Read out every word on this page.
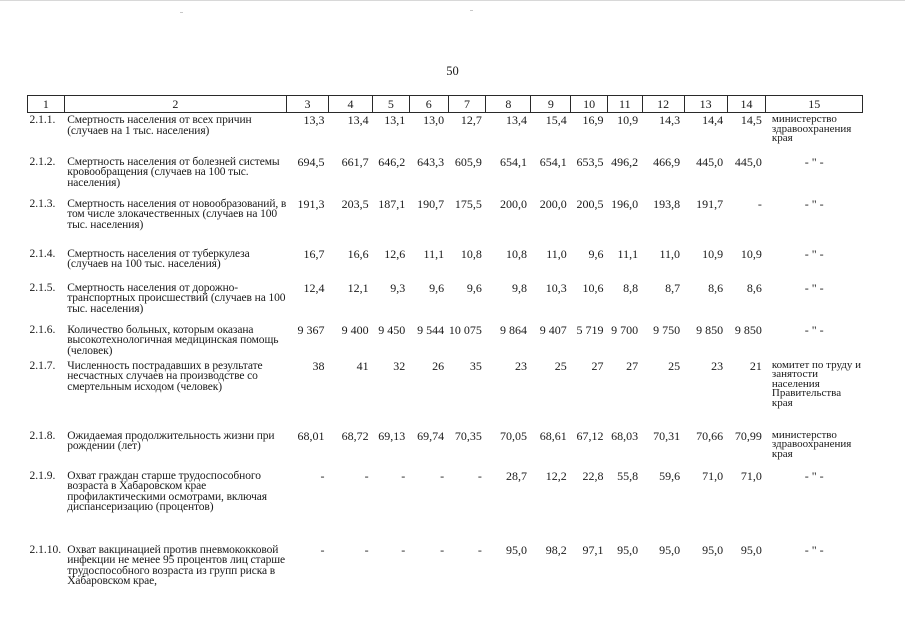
50
1	2	3	4	5	6	7	8	9	10	11	12	13	14	15
2.1.1.	Смертность населения от всех причин (случаев на 1 тыс. населения)	13,3	13,4	13,1	13,0	12,7	13,4	15,4	16,9	10,9	14,3	14,4	14,5	министерство здравоохранения края
2.1.2.	Смертность населения от болезней системы кровообращения (случаев на 100 тыс. населения)	694,5	661,7	646,2	643,3	605,9	654,1	654,1	653,5	496,2	466,9	445,0	445,0	- " -
2.1.3.	Смертность населения от новообразований, в том числе злокачественных (случаев на 100 тыс. населения)	191,3	203,5	187,1	190,7	175,5	200,0	200,0	200,5	196,0	193,8	191,7	-	- " -
2.1.4.	Смертность населения от туберкулеза (случаев на 100 тыс. населения)	16,7	16,6	12,6	11,1	10,8	10,8	11,0	9,6	11,1	11,0	10,9	10,9	- " -
2.1.5.	Смертность населения от дорожно-транспортных происшествий (случаев на 100 тыс. населения)	12,4	12,1	9,3	9,6	9,6	9,8	10,3	10,6	8,8	8,7	8,6	8,6	- " -
2.1.6.	Количество больных, которым оказана высокотехнологичная медицинская помощь (человек)	9 367	9 400	9 450	9 544	10 075	9 864	9 407	5 719	9 700	9 750	9 850	9 850	- " -
2.1.7.	Численность пострадавших в результате несчастных случаев на производстве со смертельным исходом (человек)	38	41	32	26	35	23	25	27	27	25	23	21	комитет по труду и занятости населения Правительства края
2.1.8.	Ожидаемая продолжительность жизни при рождении (лет)	68,01	68,72	69,13	69,74	70,35	70,05	68,61	67,12	68,03	70,31	70,66	70,99	министерство здравоохранения края
2.1.9.	Охват граждан старше трудоспособного возраста в Хабаровском крае профилактическими осмотрами, включая диспансеризацию (процентов)	-	-	-	-	-	28,7	12,2	22,8	55,8	59,6	71,0	71,0	- " -
2.1.10.	Охват вакцинацией против пневмококковой инфекции не менее 95 процентов лиц старше трудоспособного возраста из групп риска в Хабаровском крае,	-	-	-	-	-	95,0	98,2	97,1	95,0	95,0	95,0	95,0	- " -
